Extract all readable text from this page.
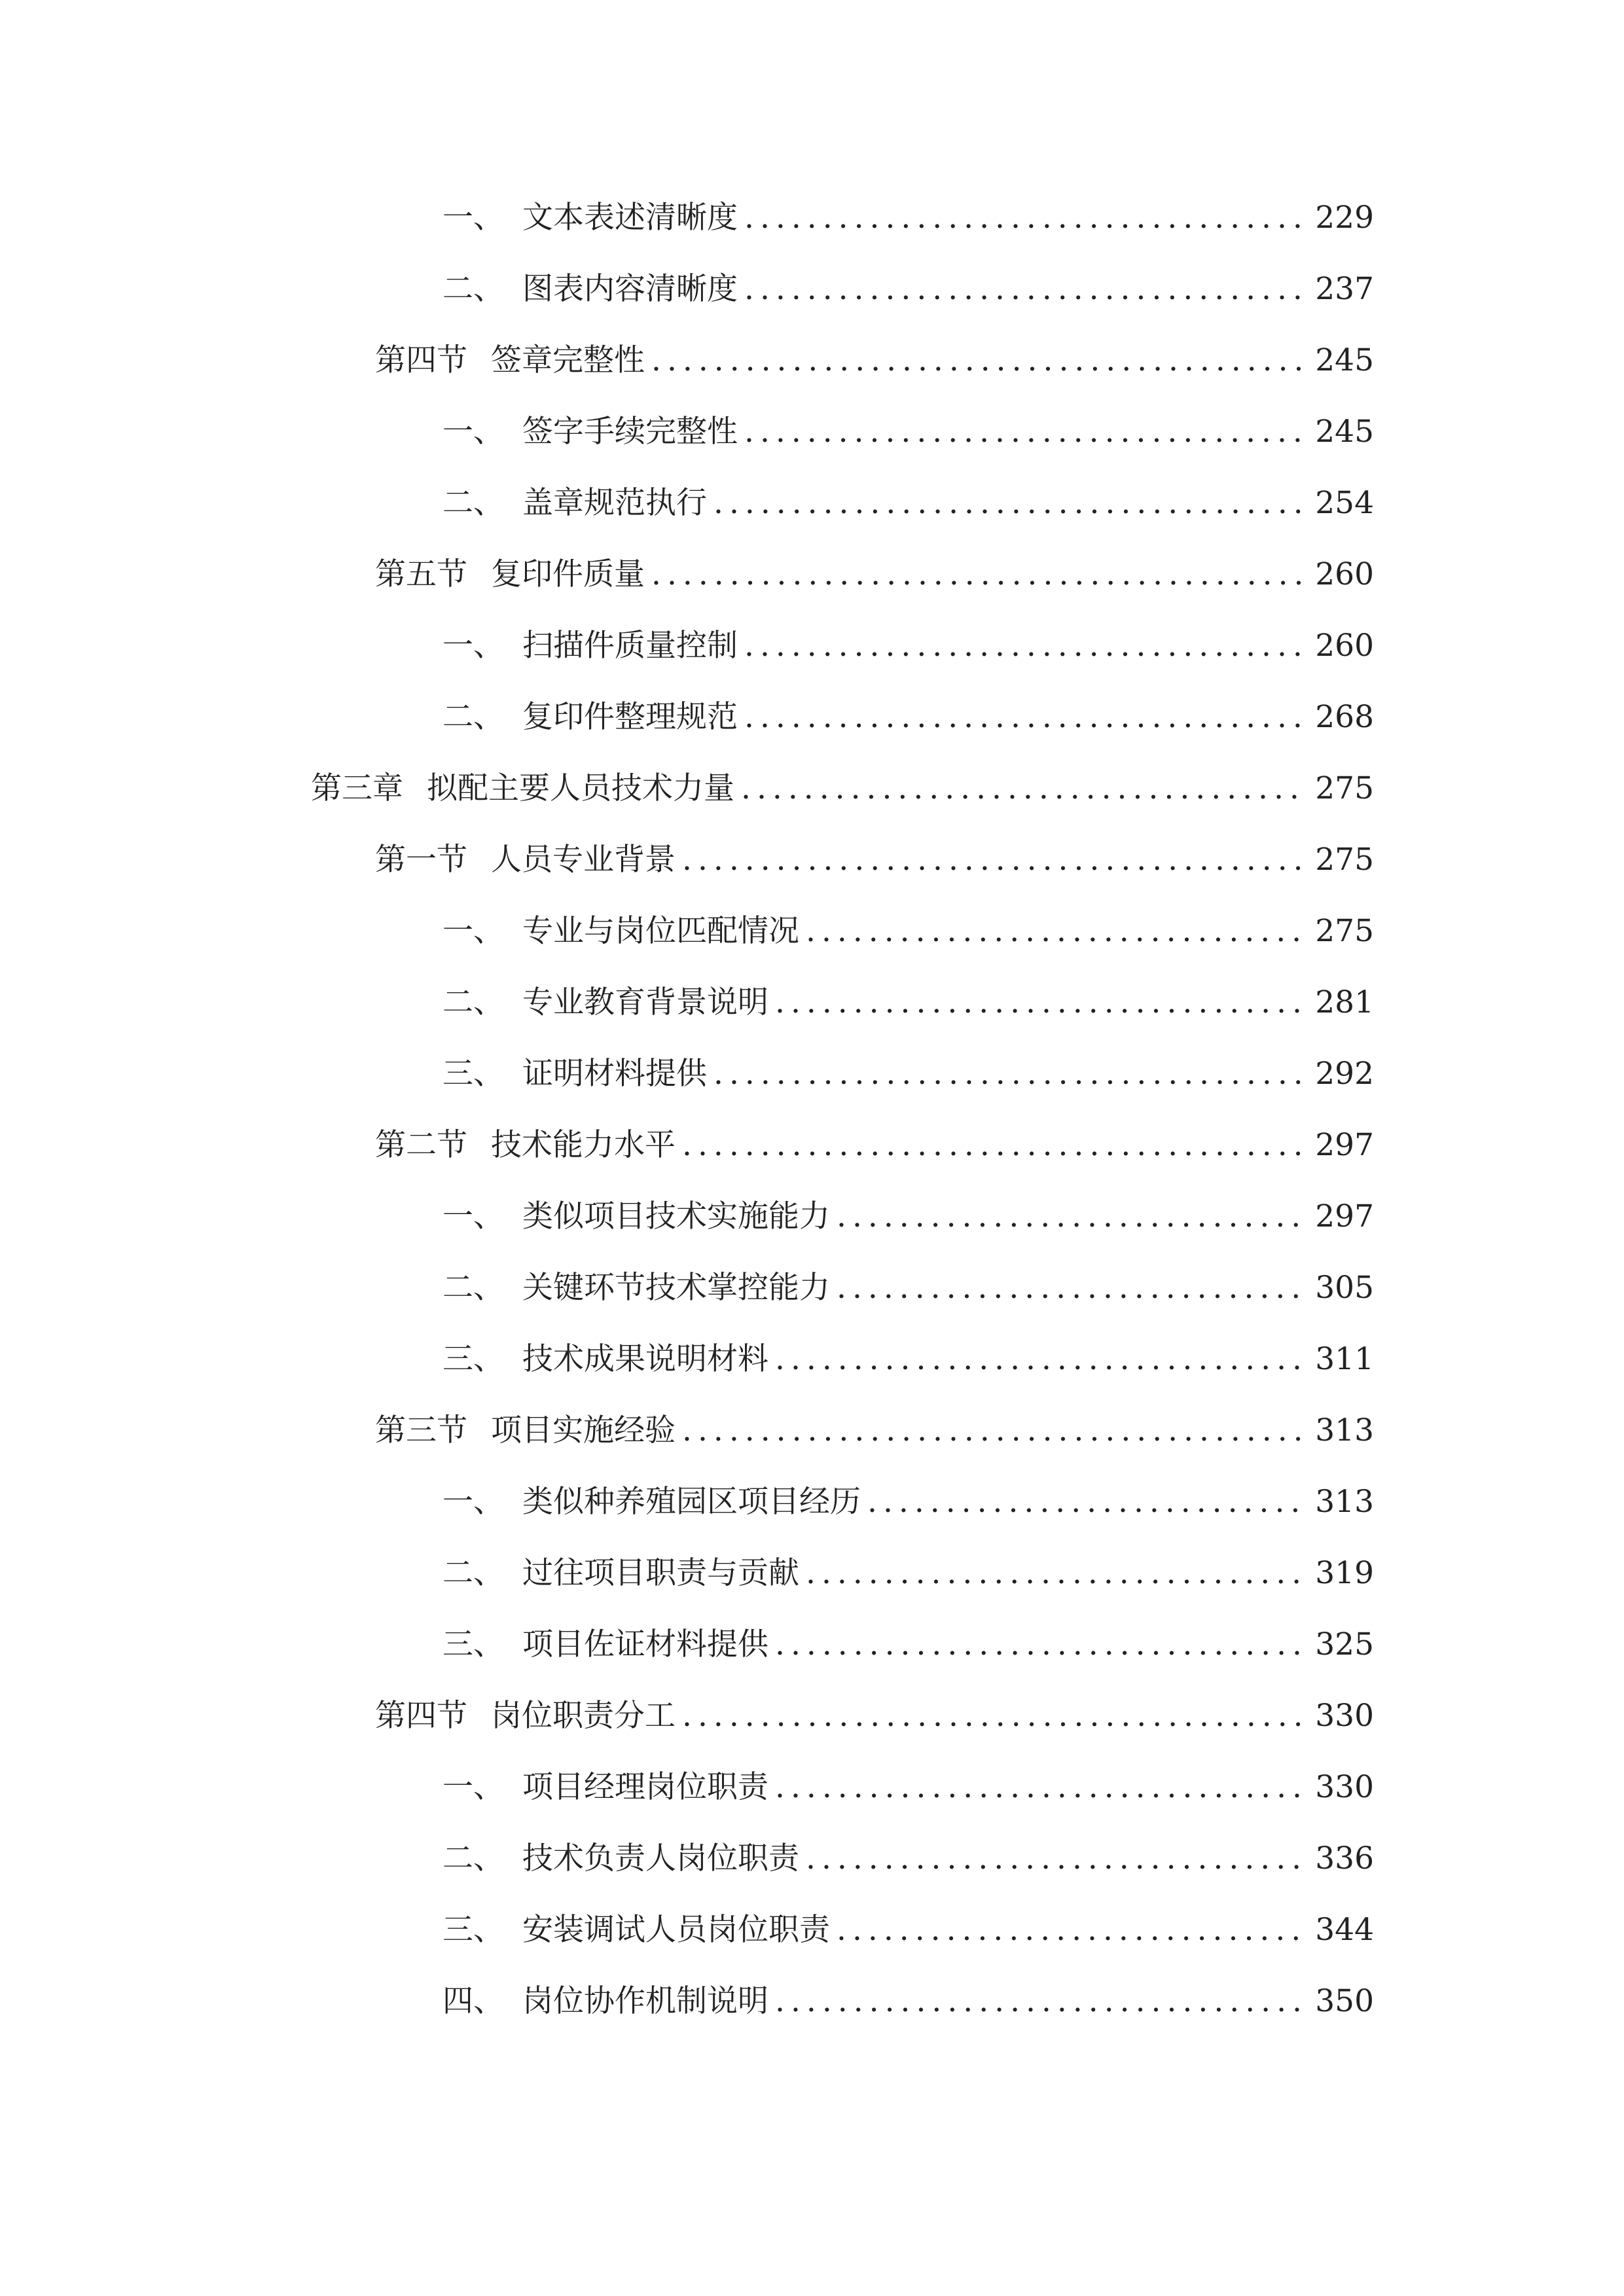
一、 文本表述清晰度 .....	229
二、 图表内容清晰度 .....	237
第四节 签章完整性 .....	245
一、 签字手续完整性 .....	245
二、 盖章规范执行 .....	254
第五节 复印件质量 .....	260
一、 扫描件质量控制 .....	260
二、 复印件整理规范 .....	268
第三章 拟配主要人员技术力量 .....	275
第一节 人员专业背景 .....	275
一、 专业与岗位匹配情况 .....	275
二、 专业教育背景说明 .....	281
三、 证明材料提供 .....	292
第二节 技术能力水平 .....	297
一、 类似项目技术实施能力 .....	297
二、 关键环节技术掌控能力 .....	305
三、 技术成果说明材料 .....	311
第三节 项目实施经验 .....	313
一、 类似种养殖园区项目经历 .....	313
二、 过往项目职责与贡献 .....	319
三、 项目佐证材料提供 .....	325
第四节 岗位职责分工 .....	330
一、 项目经理岗位职责 .....	330
二、 技术负责人岗位职责 .....	336
三、 安装调试人员岗位职责 .....	344
四、 岗位协作机制说明 .....	350
